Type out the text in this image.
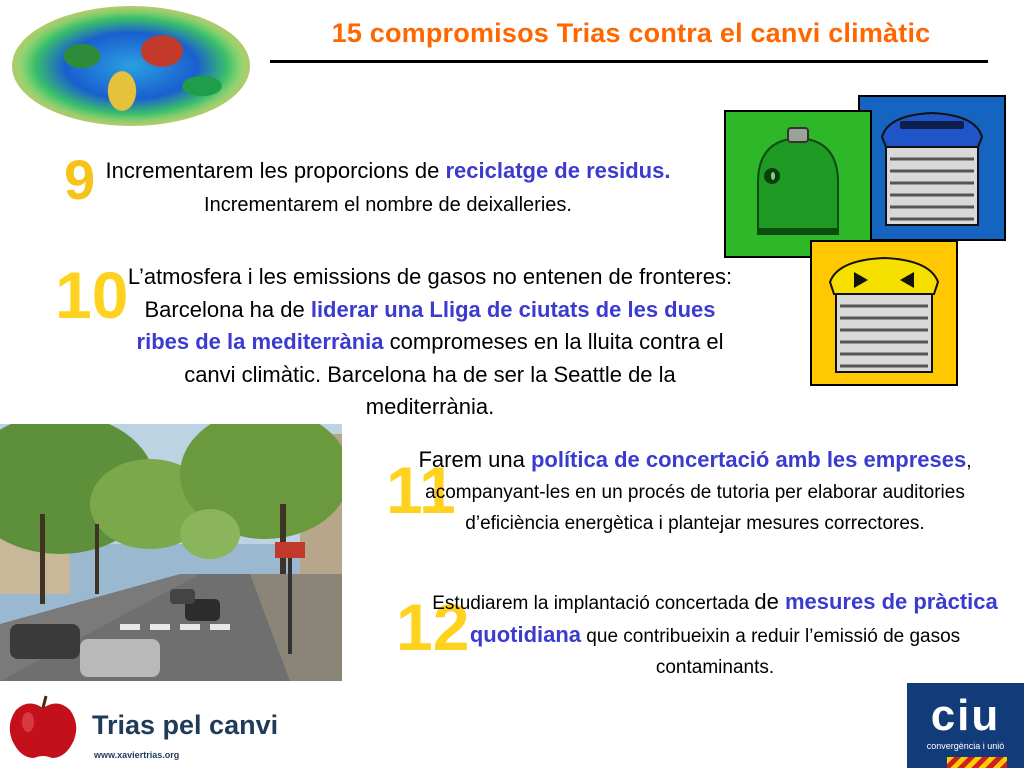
15 compromisos Trias contra el canvi climàtic
9 Incrementarem les proporcions de reciclatge de residus. Incrementarem el nombre de deixalleries.
10 L’atmosfera i les emissions de gasos no entenen de fronteres: Barcelona ha de liderar una Lliga de ciutats de les dues ribes de la mediterrània compromeses en la lluita contra el canvi climàtic. Barcelona ha de ser la Seattle de la mediterrània.
11
Farem una política de concertació amb les empreses, acompanyant-les en un procés de tutoria per elaborar auditories d’eficiència energètica i plantejar mesures correctores.
12
Estudiarem la implantació concertada de mesures de pràctica quotidiana que contribueixin a reduir l’emissió de gasos contaminants.
Trias pel canvi
www.xaviertrias.org
ciu
convergència i unió
